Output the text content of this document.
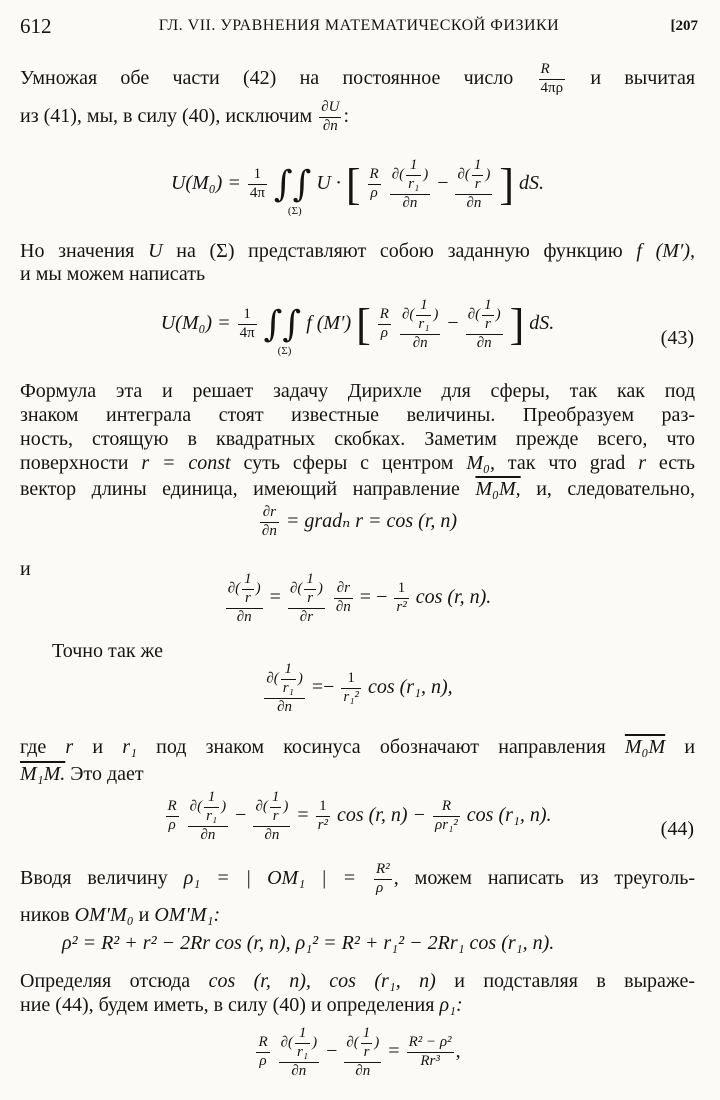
612	ГЛ. VII. УРАВНЕНИЯ МАТЕМАТИЧЕСКОЙ ФИЗИКИ	[207
Умножая обе части (42) на постоянное число $\frac{R}{4\pi\rho}$ и вычитая
из (41), мы, в силу (40), исключим $\frac{\partial U}{\partial n}$ :
$U(M_0) = \frac{1}{4\pi}$ ∫∫
(Σ)
U · [ $\frac{R}{\rho}$
$\frac{\partial( \frac{1}{\text{r₁}} )}{\partial n} - \frac{\partial( \frac{1}{r} )}{\partial n}$ ] dS.
Но значения U на (Σ) представляют собою заданную функцию f (M′),
и мы можем написать
$U(M_0) = \frac{1}{4\pi}$ ∫∫
(Σ)
f (M′) [ $\frac{R}{\rho}$
$\frac{\partial( \frac{1}{\text{r₁}} )}{\partial n} - \frac{\partial( \frac{1}{r} )}{\partial n}$ ] dS.
(43)
Формула эта и решает задачу Дирихле для сферы, так как под
знаком интеграла стоят известные величины. Преобразуем раз-
ность, стоящую в квадратных скобках. Заметим прежде всего, что
поверхности r = const суть сферы с центром M₀, так что grad r есть
вектор длины единица, имеющий направление M₀M, и, следовательно,
$\frac{\partial r}{\partial n}$ = gradₙ r = cos (r, n)
и
$\frac{\partial( \frac{1}{r} )}{\partial n} = \frac{\partial( \frac{1}{r} )}{\partial r}$
$\frac{\partial r}{\partial n}$ = − $\frac{1}{\text{r²}}$ cos (r, n).
Точно так же
$\frac{\partial( \frac{1}{\text{r₁}} )}{\partial n} =- \frac{1}{\text{r₁²}}$ cos (r₁, n),
где r и r₁ под знаком косинуса обозначают направления M₀M и
M₁M. Это дает
$\frac{R}{\rho}$
$\frac{\partial( \frac{1}{\text{r₁}} )}{\partial n} - \frac{\partial( \frac{1}{r} )}{\partial n} = \frac{1}{\text{r²}}$ cos (r, $n) - \frac{R}{\text{ρr₁²}}$ cos (r₁, n).
(44)
Вводя величину ρ₁ = | OM₁ | = $\frac{\text{R²}}{\rho}$ , можем написать из треуголь-
ников OM′M₀ и OM′M₁:
ρ² = R² + r² − 2Rr cos (r, n), ρ₁² = R² + r₁² − 2Rr₁ cos (r₁, n).
Определяя отсюда cos (r, n), cos (r₁, n) и подставляя в выраже-
ние (44), будем иметь, в силу (40) и определения ρ₁:
$\frac{R}{\rho}$
$\frac{\partial( \frac{1}{\text{r₁}} )}{\partial n} - \frac{\partial( \frac{1}{r} )}{\partial n} = \frac{\text{R² − ρ²}}{\text{Rr³}}$ ,
